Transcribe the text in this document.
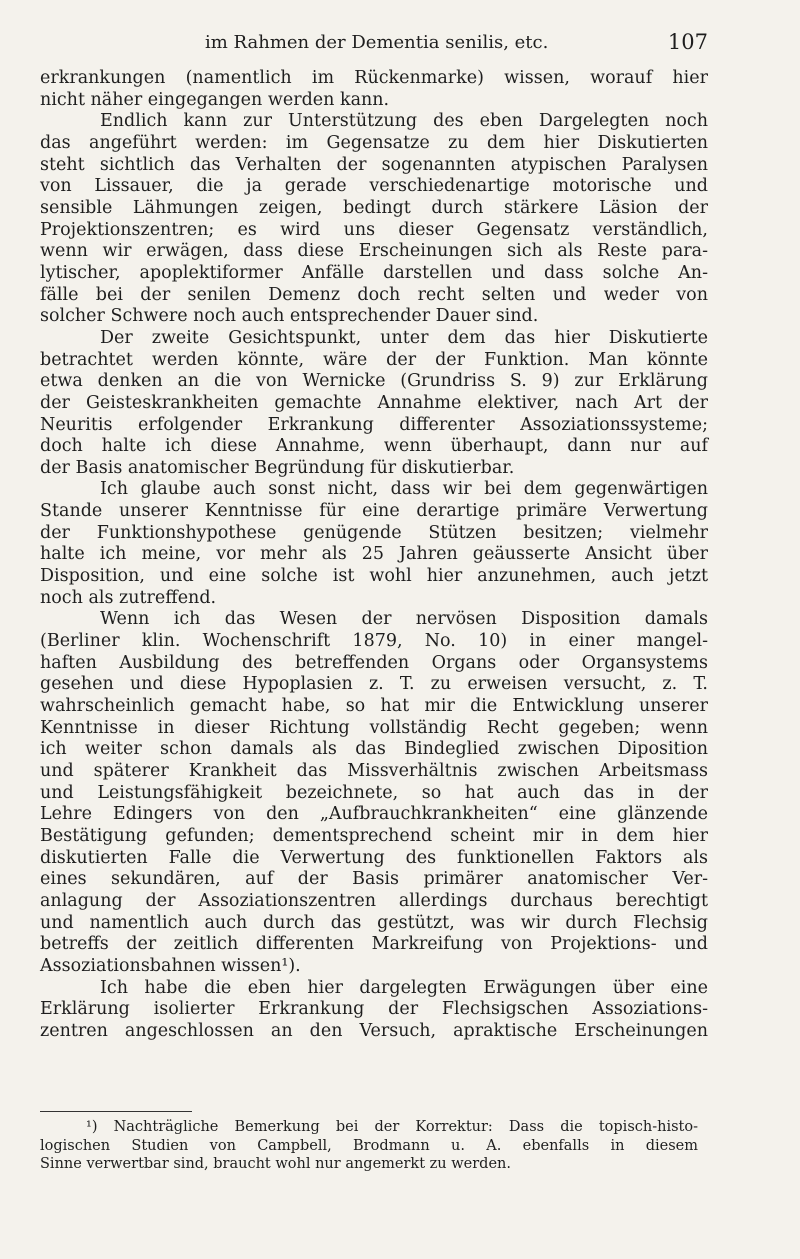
im Rahmen der Dementia senilis, etc.	107
erkrankungen (namentlich im Rückenmarke) wissen, worauf hier
nicht näher eingegangen werden kann.
Endlich kann zur Unterstützung des eben Dargelegten noch
das angeführt werden: im Gegensatze zu dem hier Diskutierten
steht sichtlich das Verhalten der sogenannten atypischen Paralysen
von Lissauer, die ja gerade verschiedenartige motorische und
sensible Lähmungen zeigen, bedingt durch stärkere Läsion der
Projektionszentren; es wird uns dieser Gegensatz verständlich,
wenn wir erwägen, dass diese Erscheinungen sich als Reste para-
lytischer, apoplektiformer Anfälle darstellen und dass solche An-
fälle bei der senilen Demenz doch recht selten und weder von
solcher Schwere noch auch entsprechender Dauer sind.
Der zweite Gesichtspunkt, unter dem das hier Diskutierte
betrachtet werden könnte, wäre der der Funktion. Man könnte
etwa denken an die von Wernicke (Grundriss S. 9) zur Erklärung
der Geisteskrankheiten gemachte Annahme elektiver, nach Art der
Neuritis erfolgender Erkrankung differenter Assoziationssysteme;
doch halte ich diese Annahme, wenn überhaupt, dann nur auf
der Basis anatomischer Begründung für diskutierbar.
Ich glaube auch sonst nicht, dass wir bei dem gegenwärtigen
Stande unserer Kenntnisse für eine derartige primäre Verwertung
der Funktionshypothese genügende Stützen besitzen; vielmehr
halte ich meine, vor mehr als 25 Jahren geäusserte Ansicht über
Disposition, und eine solche ist wohl hier anzunehmen, auch jetzt
noch als zutreffend.
Wenn ich das Wesen der nervösen Disposition damals
(Berliner klin. Wochenschrift 1879, No. 10) in einer mangel-
haften Ausbildung des betreffenden Organs oder Organsystems
gesehen und diese Hypoplasien z. T. zu erweisen versucht, z. T.
wahrscheinlich gemacht habe, so hat mir die Entwicklung unserer
Kenntnisse in dieser Richtung vollständig Recht gegeben; wenn
ich weiter schon damals als das Bindeglied zwischen Diposition
und späterer Krankheit das Missverhältnis zwischen Arbeitsmass
und Leistungsfähigkeit bezeichnete, so hat auch das in der
Lehre Edingers von den „Aufbrauchkrankheiten“ eine glänzende
Bestätigung gefunden; dementsprechend scheint mir in dem hier
diskutierten Falle die Verwertung des funktionellen Faktors als
eines sekundären, auf der Basis primärer anatomischer Ver-
anlagung der Assoziationszentren allerdings durchaus berechtigt
und namentlich auch durch das gestützt, was wir durch Flechsig
betreffs der zeitlich differenten Markreifung von Projektions- und
Assoziationsbahnen wissen¹).
Ich habe die eben hier dargelegten Erwägungen über eine
Erklärung isolierter Erkrankung der Flechsigschen Assoziations-
zentren angeschlossen an den Versuch, apraktische Erscheinungen
¹) Nachträgliche Bemerkung bei der Korrektur: Dass die topisch-histo-
logischen Studien von Campbell, Brodmann u. A. ebenfalls in diesem
Sinne verwertbar sind, braucht wohl nur angemerkt zu werden.
